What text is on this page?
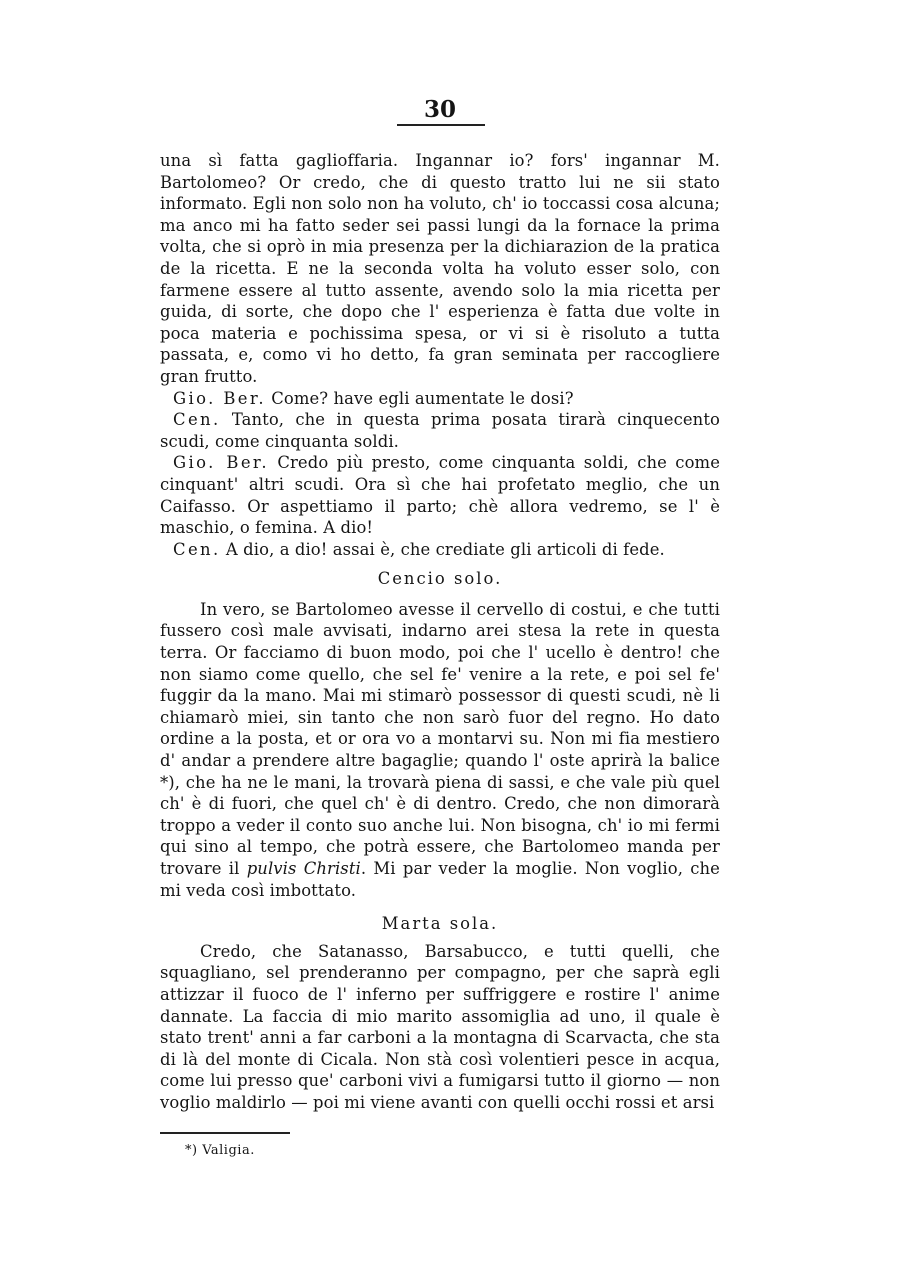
30

una sì fatta gaglioffaria. Ingannar io? fors' ingannar M. Bartolomeo? Or credo, che di questo tratto lui ne sii stato informato. Egli non solo non ha voluto, ch' io toccassi cosa alcuna; ma anco mi ha fatto seder sei passi lungi da la fornace la prima volta, che si oprò in mia presenza per la dichiarazion de la pratica de la ricetta. E ne la seconda volta ha voluto esser solo, con farmene essere al tutto assente, avendo solo la mia ricetta per guida, di sorte, che dopo che l' esperienza è fatta due volte in poca materia e pochissima spesa, or vi si è risoluto a tutta passata, e, como vi ho detto, fa gran seminata per raccogliere gran frutto.

Gio. Ber. Come? have egli aumentate le dosi?

Cen. Tanto, che in questa prima posata tirarà cinquecento scudi, come cinquanta soldi.

Gio. Ber. Credo più presto, come cinquanta soldi, che come cinquant' altri scudi. Ora sì che hai profetato meglio, che un Caifasso. Or aspettiamo il parto; chè allora vedremo, se l' è maschio, o femina. A dio!

Cen. A dio, a dio! assai è, che crediate gli articoli di fede.

Cencio solo.

In vero, se Bartolomeo avesse il cervello di costui, e che tutti fussero così male avvisati, indarno arei stesa la rete in questa terra. Or facciamo di buon modo, poi che l' ucello è dentro! che non siamo come quello, che sel fe' venire a la rete, e poi sel fe' fuggir da la mano. Mai mi stimarò possessor di questi scudi, nè li chiamarò miei, sin tanto che non sarò fuor del regno. Ho dato ordine a la posta, et or ora vo a montarvi su. Non mi fia mestiero d' andar a prendere altre bagaglie; quando l' oste aprirà la balice *), che ha ne le mani, la trovarà piena di sassi, e che vale più quel ch' è di fuori, che quel ch' è di dentro. Credo, che non dimorarà troppo a veder il conto suo anche lui. Non bisogna, ch' io mi fermi qui sino al tempo, che potrà essere, che Bartolomeo manda per trovare il pulvis Christi. Mi par veder la moglie. Non voglio, che mi veda così imbottato.

Marta sola.

Credo, che Satanasso, Barsabucco, e tutti quelli, che squagliano, sel prenderanno per compagno, per che saprà egli attizzar il fuoco de l' inferno per suffriggere e rostire l' anime dannate. La faccia di mio marito assomiglia ad uno, il quale è stato trent' anni a far carboni a la montagna di Scarvacta, che sta di là del monte di Cicala. Non stà così volentieri pesce in acqua, come lui presso que' carboni vivi a fumigarsi tutto il giorno — non voglio maldirlo — poi mi viene avanti con quelli occhi rossi et arsi

*) Valigia.
